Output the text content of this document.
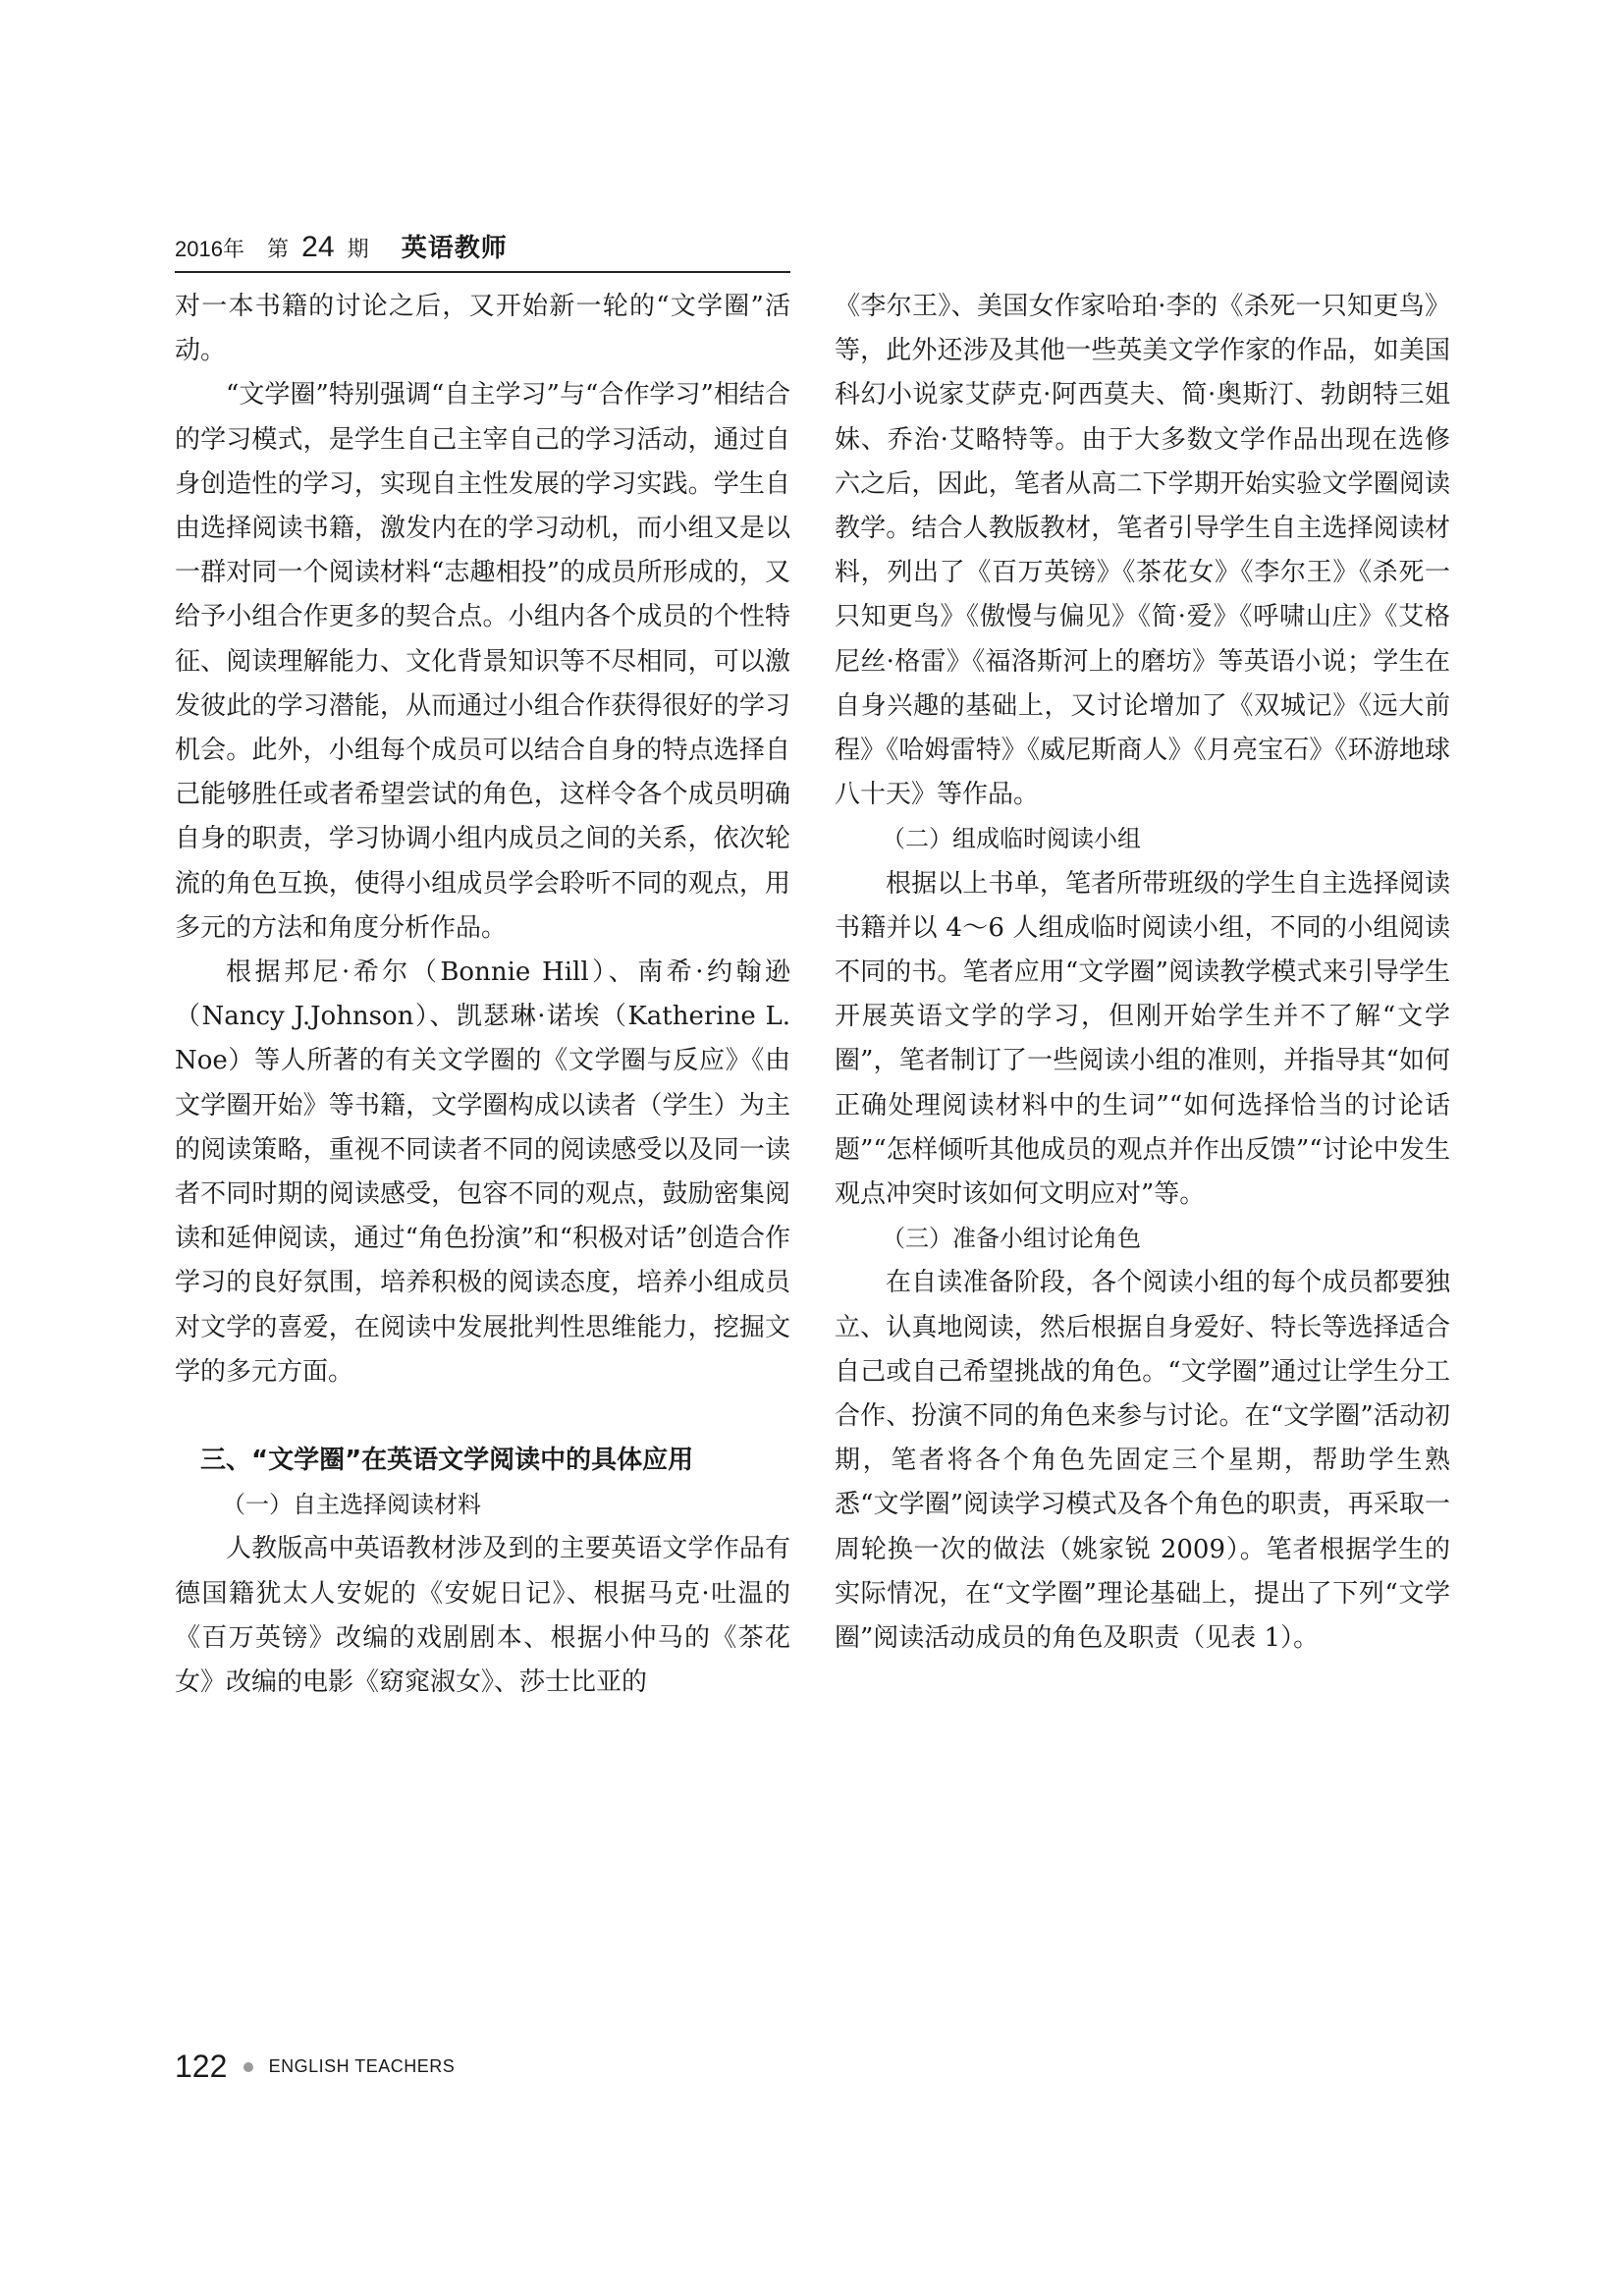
2016年 第 24 期 英语教师

对一本书籍的讨论之后，又开始新一轮的“文学圈”活动。

“文学圈”特别强调“自主学习”与“合作学习”相结合的学习模式，是学生自己主宰自己的学习活动，通过自身创造性的学习，实现自主性发展的学习实践。学生自由选择阅读书籍，激发内在的学习动机，而小组又是以一群对同一个阅读材料“志趣相投”的成员所形成的，又给予小组合作更多的契合点。小组内各个成员的个性特征、阅读理解能力、文化背景知识等不尽相同，可以激发彼此的学习潜能，从而通过小组合作获得很好的学习机会。此外，小组每个成员可以结合自身的特点选择自己能够胜任或者希望尝试的角色，这样令各个成员明确自身的职责，学习协调小组内成员之间的关系，依次轮流的角色互换，使得小组成员学会聆听不同的观点，用多元的方法和角度分析作品。

根据邦尼·希尔（Bonnie Hill）、南希·约翰逊（Nancy J.Johnson）、凯瑟琳·诺埃（Katherine L. Noe）等人所著的有关文学圈的《文学圈与反应》《由文学圈开始》等书籍，文学圈构成以读者（学生）为主的阅读策略，重视不同读者不同的阅读感受以及同一读者不同时期的阅读感受，包容不同的观点，鼓励密集阅读和延伸阅读，通过“角色扮演”和“积极对话”创造合作学习的良好氛围，培养积极的阅读态度，培养小组成员对文学的喜爱，在阅读中发展批判性思维能力，挖掘文学的多元方面。

三、“文学圈”在英语文学阅读中的具体应用

（一）自主选择阅读材料

人教版高中英语教材涉及到的主要英语文学作品有德国籍犹太人安妮的《安妮日记》、根据马克·吐温的《百万英镑》改编的戏剧剧本、根据小仲马的《茶花女》改编的电影《窈窕淑女》、莎士比亚的

《李尔王》、美国女作家哈珀·李的《杀死一只知更鸟》等，此外还涉及其他一些英美文学作家的作品，如美国科幻小说家艾萨克·阿西莫夫、简·奥斯汀、勃朗特三姐妹、乔治·艾略特等。由于大多数文学作品出现在选修六之后，因此，笔者从高二下学期开始实验文学圈阅读教学。结合人教版教材，笔者引导学生自主选择阅读材料，列出了《百万英镑》《茶花女》《李尔王》《杀死一只知更鸟》《傲慢与偏见》《简·爱》《呼啸山庄》《艾格尼丝·格雷》《福洛斯河上的磨坊》等英语小说；学生在自身兴趣的基础上，又讨论增加了《双城记》《远大前程》《哈姆雷特》《威尼斯商人》《月亮宝石》《环游地球八十天》等作品。

（二）组成临时阅读小组

根据以上书单，笔者所带班级的学生自主选择阅读书籍并以 4～6 人组成临时阅读小组，不同的小组阅读不同的书。笔者应用“文学圈”阅读教学模式来引导学生开展英语文学的学习，但刚开始学生并不了解“文学圈”，笔者制订了一些阅读小组的准则，并指导其“如何正确处理阅读材料中的生词”“如何选择恰当的讨论话题”“怎样倾听其他成员的观点并作出反馈”“讨论中发生观点冲突时该如何文明应对”等。

（三）准备小组讨论角色

在自读准备阶段，各个阅读小组的每个成员都要独立、认真地阅读，然后根据自身爱好、特长等选择适合自己或自己希望挑战的角色。“文学圈”通过让学生分工合作、扮演不同的角色来参与讨论。在“文学圈”活动初期，笔者将各个角色先固定三个星期，帮助学生熟悉“文学圈”阅读学习模式及各个角色的职责，再采取一周轮换一次的做法（姚家锐 2009）。笔者根据学生的实际情况，在“文学圈”理论基础上，提出了下列“文学圈”阅读活动成员的角色及职责（见表 1）。

122 ENGLISH TEACHERS
